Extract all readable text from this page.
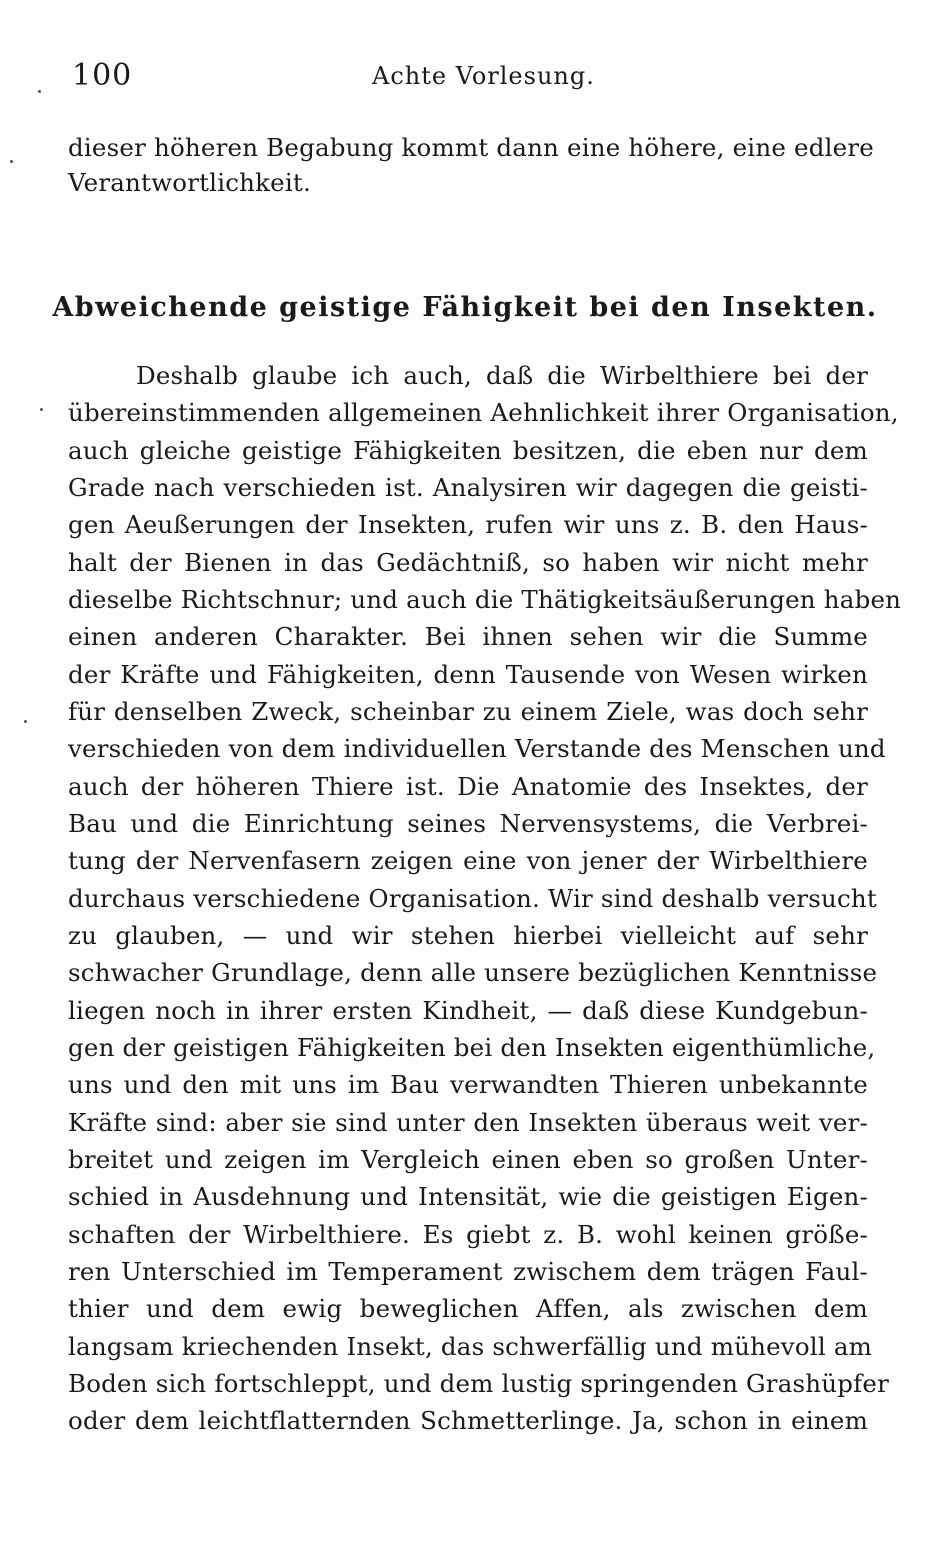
100	Achte Vorlesung.
dieser höheren Begabung kommt dann eine höhere, eine edlere
Verantwortlichkeit.
Abweichende geistige Fähigkeit bei den Insekten.
Deshalb glaube ich auch, daß die Wirbelthiere bei der
übereinstimmenden allgemeinen Aehnlichkeit ihrer Organisation,
auch gleiche geistige Fähigkeiten besitzen, die eben nur dem
Grade nach verschieden ist. Analysiren wir dagegen die geisti-
gen Aeußerungen der Insekten, rufen wir uns z. B. den Haus-
halt der Bienen in das Gedächtniß, so haben wir nicht mehr
dieselbe Richtschnur; und auch die Thätigkeitsäußerungen haben
einen anderen Charakter. Bei ihnen sehen wir die Summe
der Kräfte und Fähigkeiten, denn Tausende von Wesen wirken
für denselben Zweck, scheinbar zu einem Ziele, was doch sehr
verschieden von dem individuellen Verstande des Menschen und
auch der höheren Thiere ist. Die Anatomie des Insektes, der
Bau und die Einrichtung seines Nervensystems, die Verbrei-
tung der Nervenfasern zeigen eine von jener der Wirbelthiere
durchaus verschiedene Organisation. Wir sind deshalb versucht
zu glauben, — und wir stehen hierbei vielleicht auf sehr
schwacher Grundlage, denn alle unsere bezüglichen Kenntnisse
liegen noch in ihrer ersten Kindheit, — daß diese Kundgebun-
gen der geistigen Fähigkeiten bei den Insekten eigenthümliche,
uns und den mit uns im Bau verwandten Thieren unbekannte
Kräfte sind: aber sie sind unter den Insekten überaus weit ver-
breitet und zeigen im Vergleich einen eben so großen Unter-
schied in Ausdehnung und Intensität, wie die geistigen Eigen-
schaften der Wirbelthiere. Es giebt z. B. wohl keinen größe-
ren Unterschied im Temperament zwischem dem trägen Faul-
thier und dem ewig beweglichen Affen, als zwischen dem
langsam kriechenden Insekt, das schwerfällig und mühevoll am
Boden sich fortschleppt, und dem lustig springenden Grashüpfer
oder dem leichtflatternden Schmetterlinge. Ja, schon in einem
